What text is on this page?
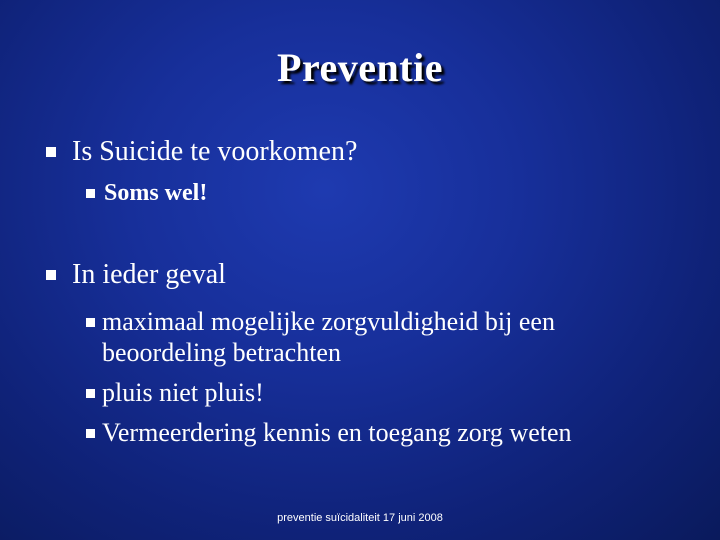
Preventie
Is Suicide te voorkomen?
Soms wel!
In ieder geval
maximaal mogelijke zorgvuldigheid bij een beoordeling betrachten
pluis niet pluis!
Vermeerdering kennis en toegang zorg weten
preventie suïcidaliteit 17 juni 2008
